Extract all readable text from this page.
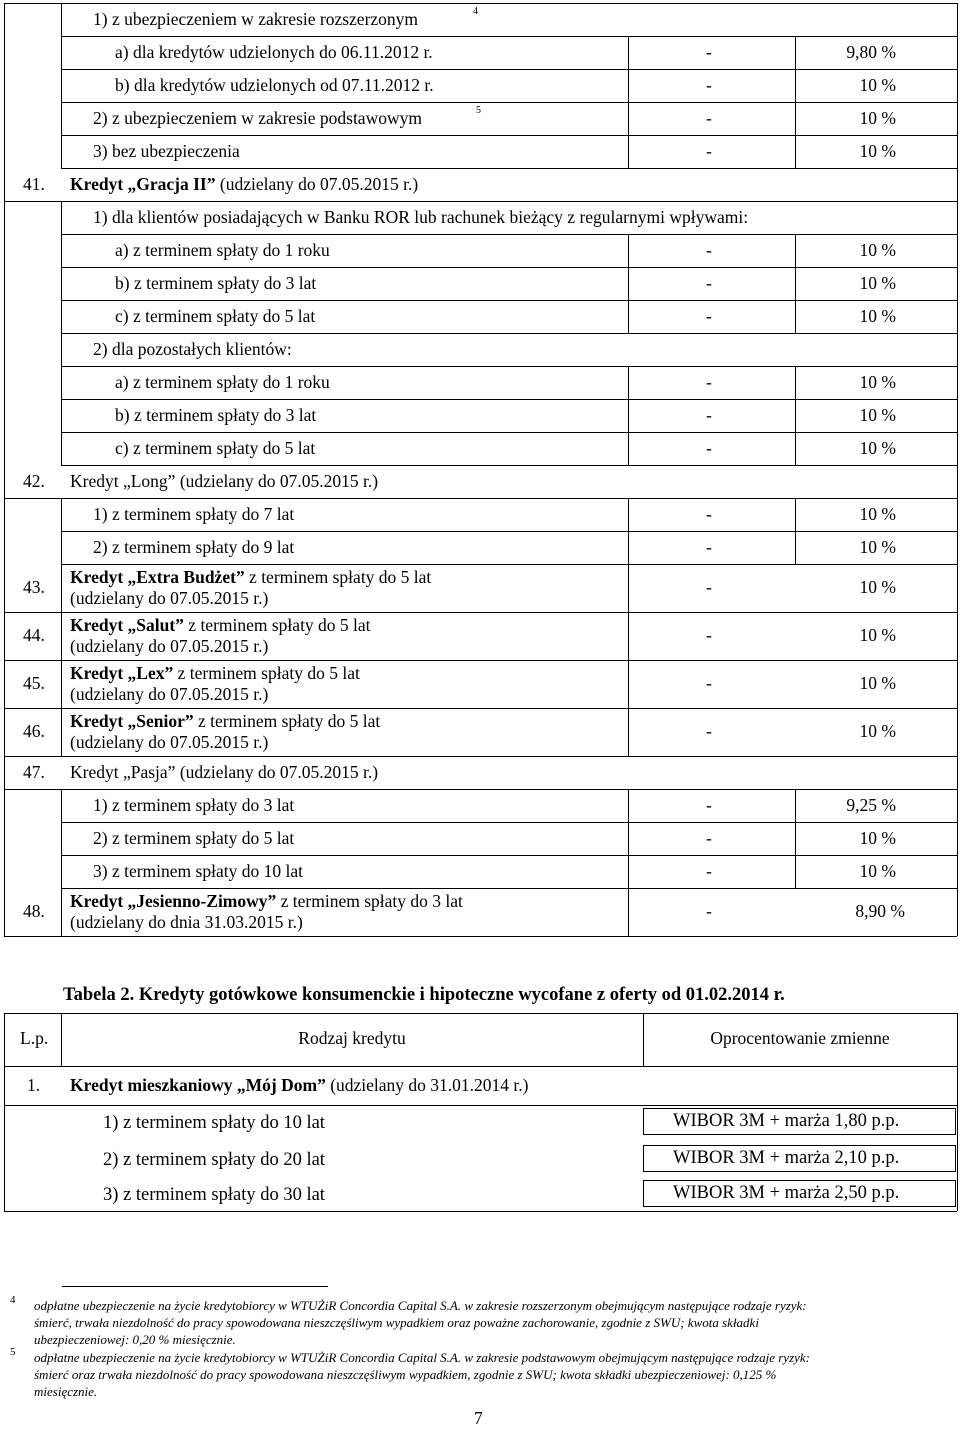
1) z ubezpieczeniem w zakresie rozszerzonym	4
a) dla kredytów udzielonych do 06.11.2012 r.	-	9,80 %
b) dla kredytów udzielonych od 07.11.2012 r.	-	10 %
2) z ubezpieczeniem w zakresie podstawowym	5	-	10 %
3) bez ubezpieczenia	-	10 %
41. Kredyt „Gracja II” (udzielany do 07.05.2015 r.)
1) dla klientów posiadających w Banku ROR lub rachunek bieżący z regularnymi wpływami:
a) z terminem spłaty do 1 roku	-	10 %
b) z terminem spłaty do 3 lat	-	10 %
c) z terminem spłaty do 5 lat	-	10 %
2) dla pozostałych klientów:
a) z terminem spłaty do 1 roku	-	10 %
b) z terminem spłaty do 3 lat	-	10 %
c) z terminem spłaty do 5 lat	-	10 %
42. Kredyt „Long” (udzielany do 07.05.2015 r.)
1) z terminem spłaty do 7 lat	-	10 %
2) z terminem spłaty do 9 lat	-	10 %
43. Kredyt „Extra Budżet” z terminem spłaty do 5 lat
(udzielany do 07.05.2015 r.)
-	10 %
44. Kredyt „Salut” z terminem spłaty do 5 lat
(udzielany do 07.05.2015 r.)
-	10 %
45. Kredyt „Lex” z terminem spłaty do 5 lat
(udzielany do 07.05.2015 r.)
-	10 %
46. Kredyt „Senior” z terminem spłaty do 5 lat
(udzielany do 07.05.2015 r.)
-	10 %
47. Kredyt „Pasja” (udzielany do 07.05.2015 r.)
1) z terminem spłaty do 3 lat	-	9,25 %
2) z terminem spłaty do 5 lat	-	10 %
3) z terminem spłaty do 10 lat	-	10 %
48. Kredyt „Jesienno-Zimowy” z terminem spłaty do 3 lat
(udzielany do dnia 31.03.2015 r.)
-	8,90 %
Tabela 2. Kredyty gotówkowe konsumenckie i hipoteczne wycofane z oferty od 01.02.2014 r.
L.p.	Rodzaj kredytu	Oprocentowanie zmienne
1. Kredyt mieszkaniowy „Mój Dom” (udzielany do 31.01.2014 r.)
1) z terminem spłaty do 10 lat	WIBOR 3M + marża 1,80 p.p.
2) z terminem spłaty do 20 lat	WIBOR 3M + marża 2,10 p.p.
3) z terminem spłaty do 30 lat	WIBOR 3M + marża 2,50 p.p.
4 odpłatne ubezpieczenie na życie kredytobiorcy w WTUŻiR Concordia Capital S.A. w zakresie rozszerzonym obejmującym następujące rodzaje ryzyk:
śmierć, trwała niezdolność do pracy spowodowana nieszczęśliwym wypadkiem oraz poważne zachorowanie, zgodnie z SWU; kwota składki
ubezpieczeniowej: 0,20 % miesięcznie.
5 odpłatne ubezpieczenie na życie kredytobiorcy w WTUŻiR Concordia Capital S.A. w zakresie podstawowym obejmującym następujące rodzaje ryzyk:
śmierć oraz trwała niezdolność do pracy spowodowana nieszczęśliwym wypadkiem, zgodnie z SWU; kwota składki ubezpieczeniowej: 0,125 %
miesięcznie.
7
